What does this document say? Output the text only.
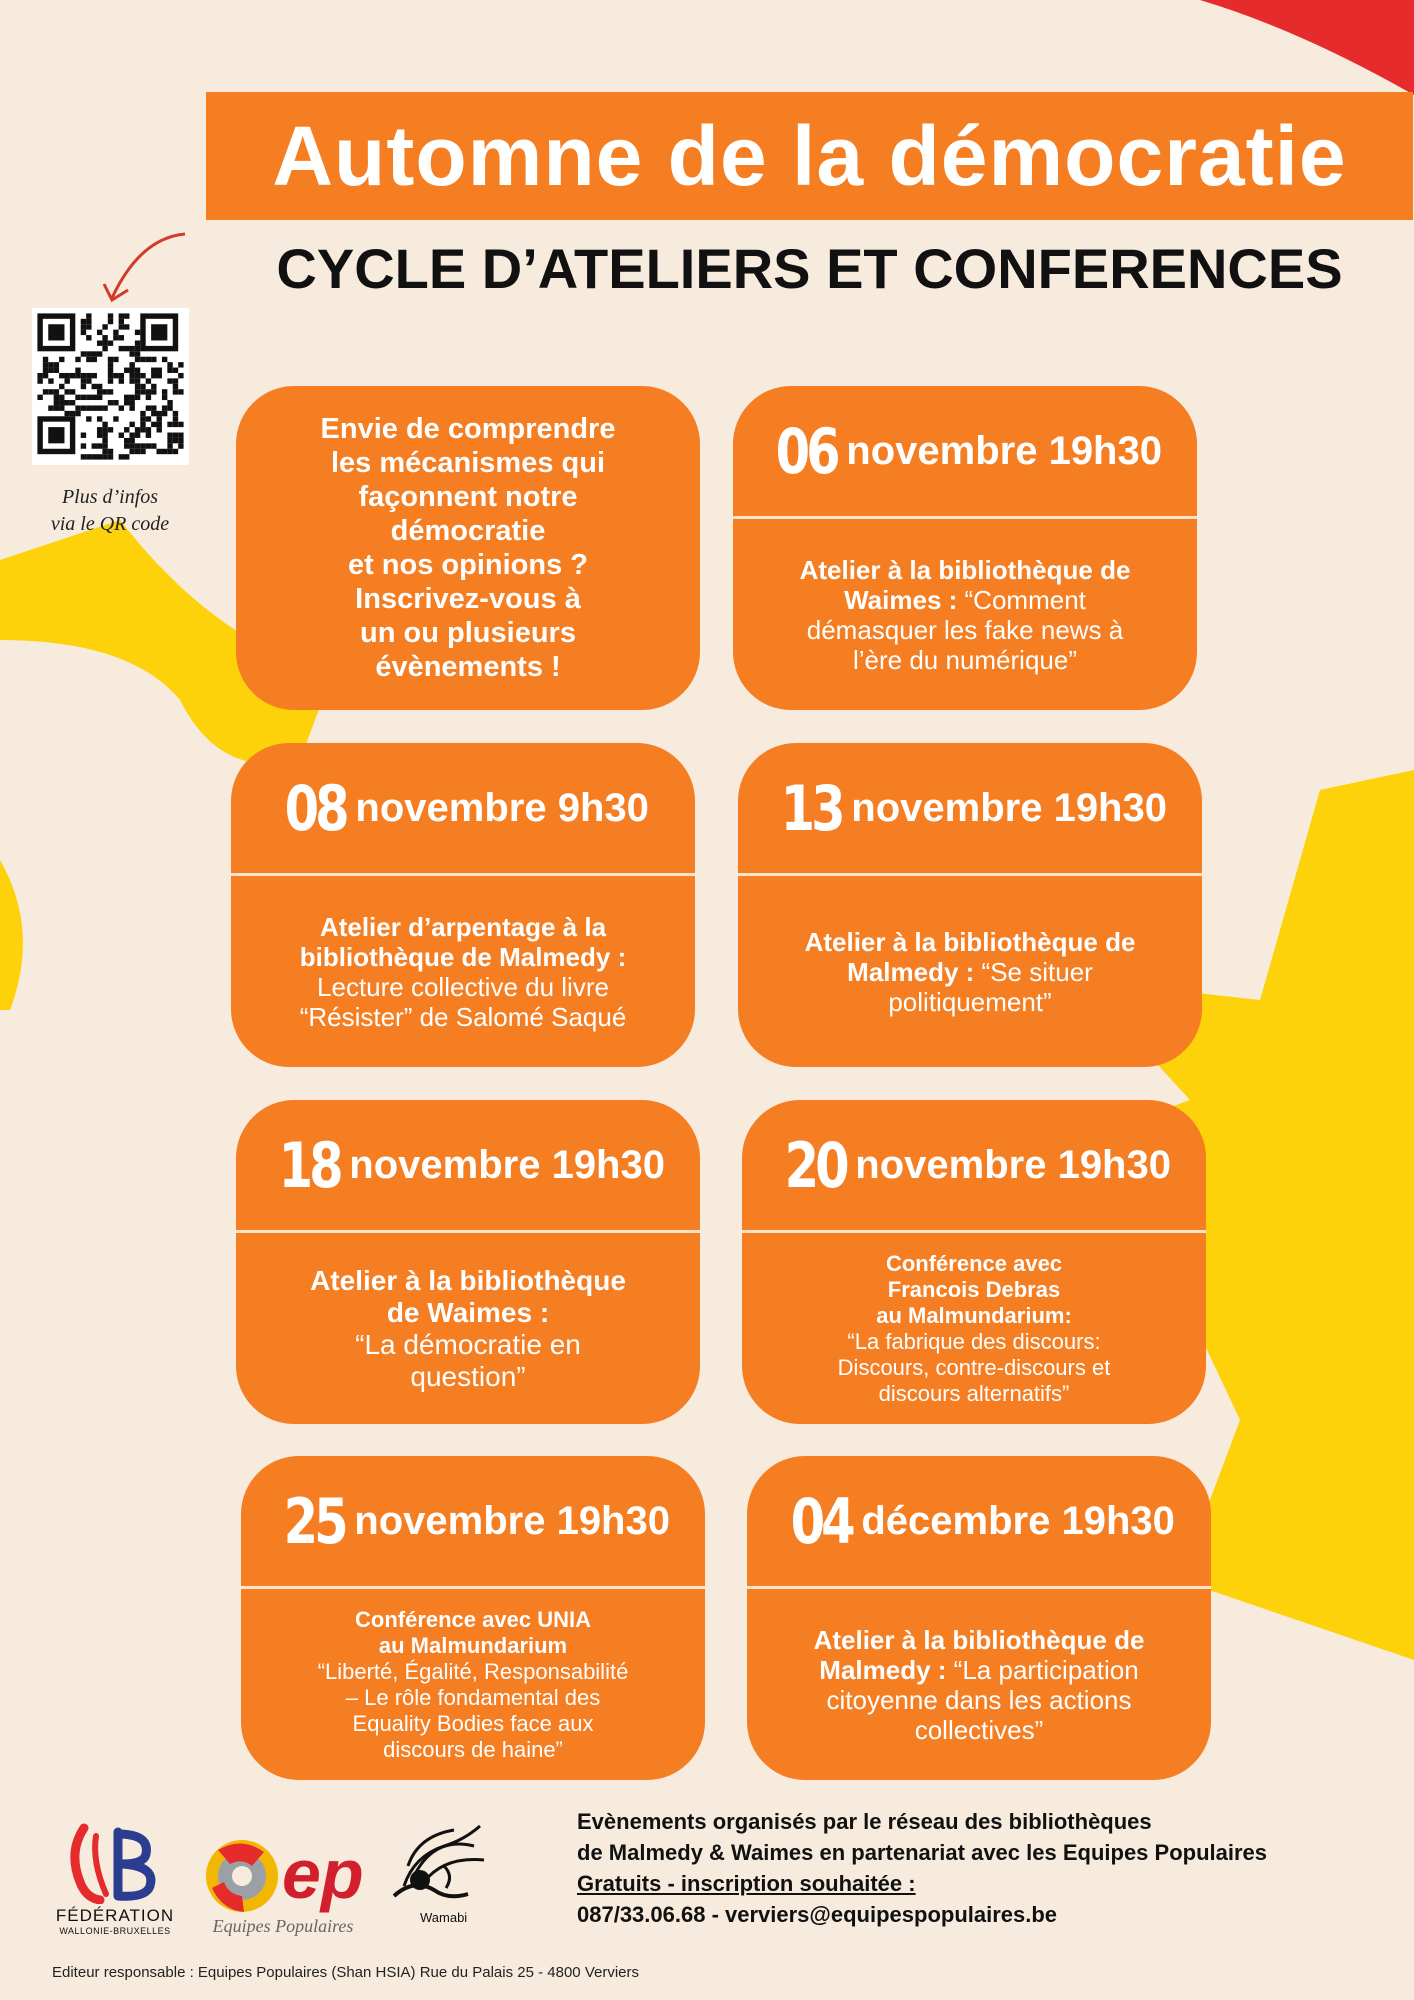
Automne de la démocratie
CYCLE D’ATELIERS ET CONFERENCES
Plus d’infos
via le QR code
Envie de comprendre
les mécanismes qui
façonnent notre
démocratie
et nos opinions ?
Inscrivez-vous à
un ou plusieurs
évènements !
06 novembre 19h30
Atelier à la bibliothèque de
Waimes : “Comment
démasquer les fake news à
l’ère du numérique”
08 novembre 9h30
Atelier d’arpentage à la
bibliothèque de Malmedy :
Lecture collective du livre
“Résister” de Salomé Saqué
13 novembre 19h30
Atelier à la bibliothèque de
Malmedy : “Se situer
politiquement”
18 novembre 19h30
Atelier à la bibliothèque
de Waimes :
“La démocratie en
question”
20 novembre 19h30
Conférence avec
Francois Debras
au Malmundarium:
“La fabrique des discours:
Discours, contre-discours et
discours alternatifs”
25 novembre 19h30
Conférence avec UNIA
au Malmundarium
“Liberté, Égalité, Responsabilité
– Le rôle fondamental des
Equality Bodies face aux
discours de haine”
04 décembre 19h30
Atelier à la bibliothèque de
Malmedy : “La participation
citoyenne dans les actions
collectives”
FÉDÉRATION
WALLONIE-BRUXELLES
ep
Equipes Populaires	Wamabi
Evènements organisés par le réseau des bibliothèques
de Malmedy & Waimes en partenariat avec les Equipes Populaires
Gratuits - inscription souhaitée :
087/33.06.68 - verviers@equipespopulaires.be
Editeur responsable : Equipes Populaires (Shan HSIA) Rue du Palais 25 - 4800 Verviers
